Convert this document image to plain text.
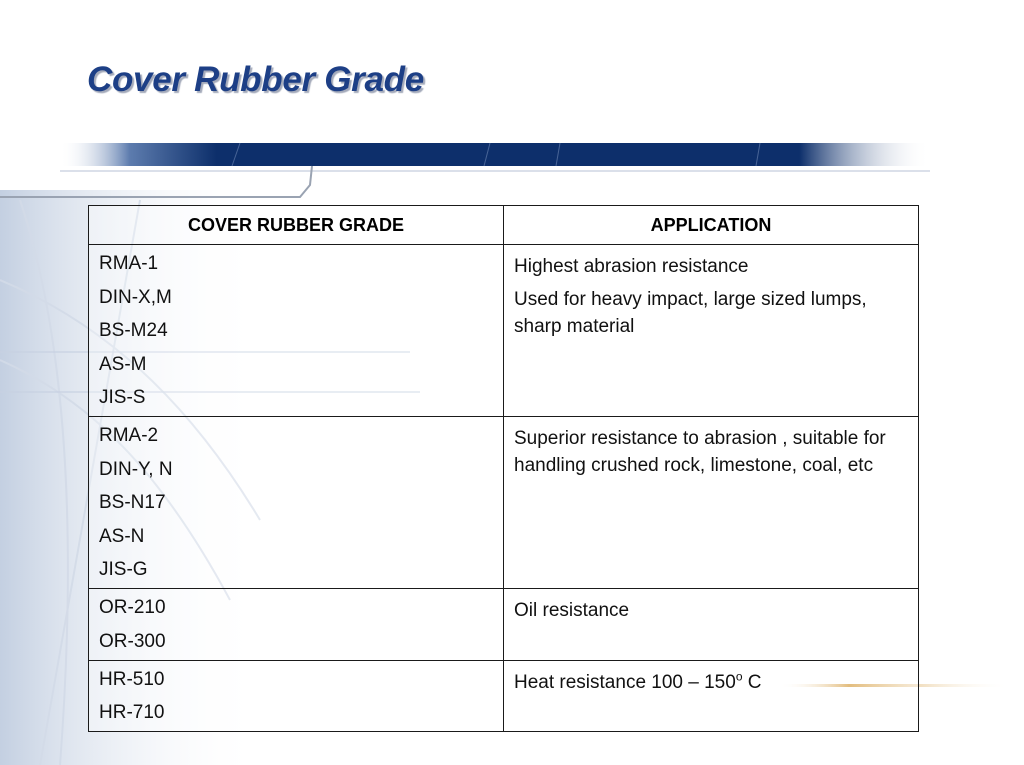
Cover Rubber Grade
COVER RUBBER GRADE	APPLICATION

RMA-1
DIN-X,M
BS-M24
AS-M
JIS-S	Highest abrasion resistance
Used for heavy impact, large sized lumps, sharp material

RMA-2
DIN-Y, N
BS-N17
AS-N
JIS-G	Superior resistance to abrasion , suitable for handling crushed rock, limestone, coal, etc

OR-210
OR-300	Oil resistance

HR-510
HR-710	Heat resistance 100 – 150$^o$ C
